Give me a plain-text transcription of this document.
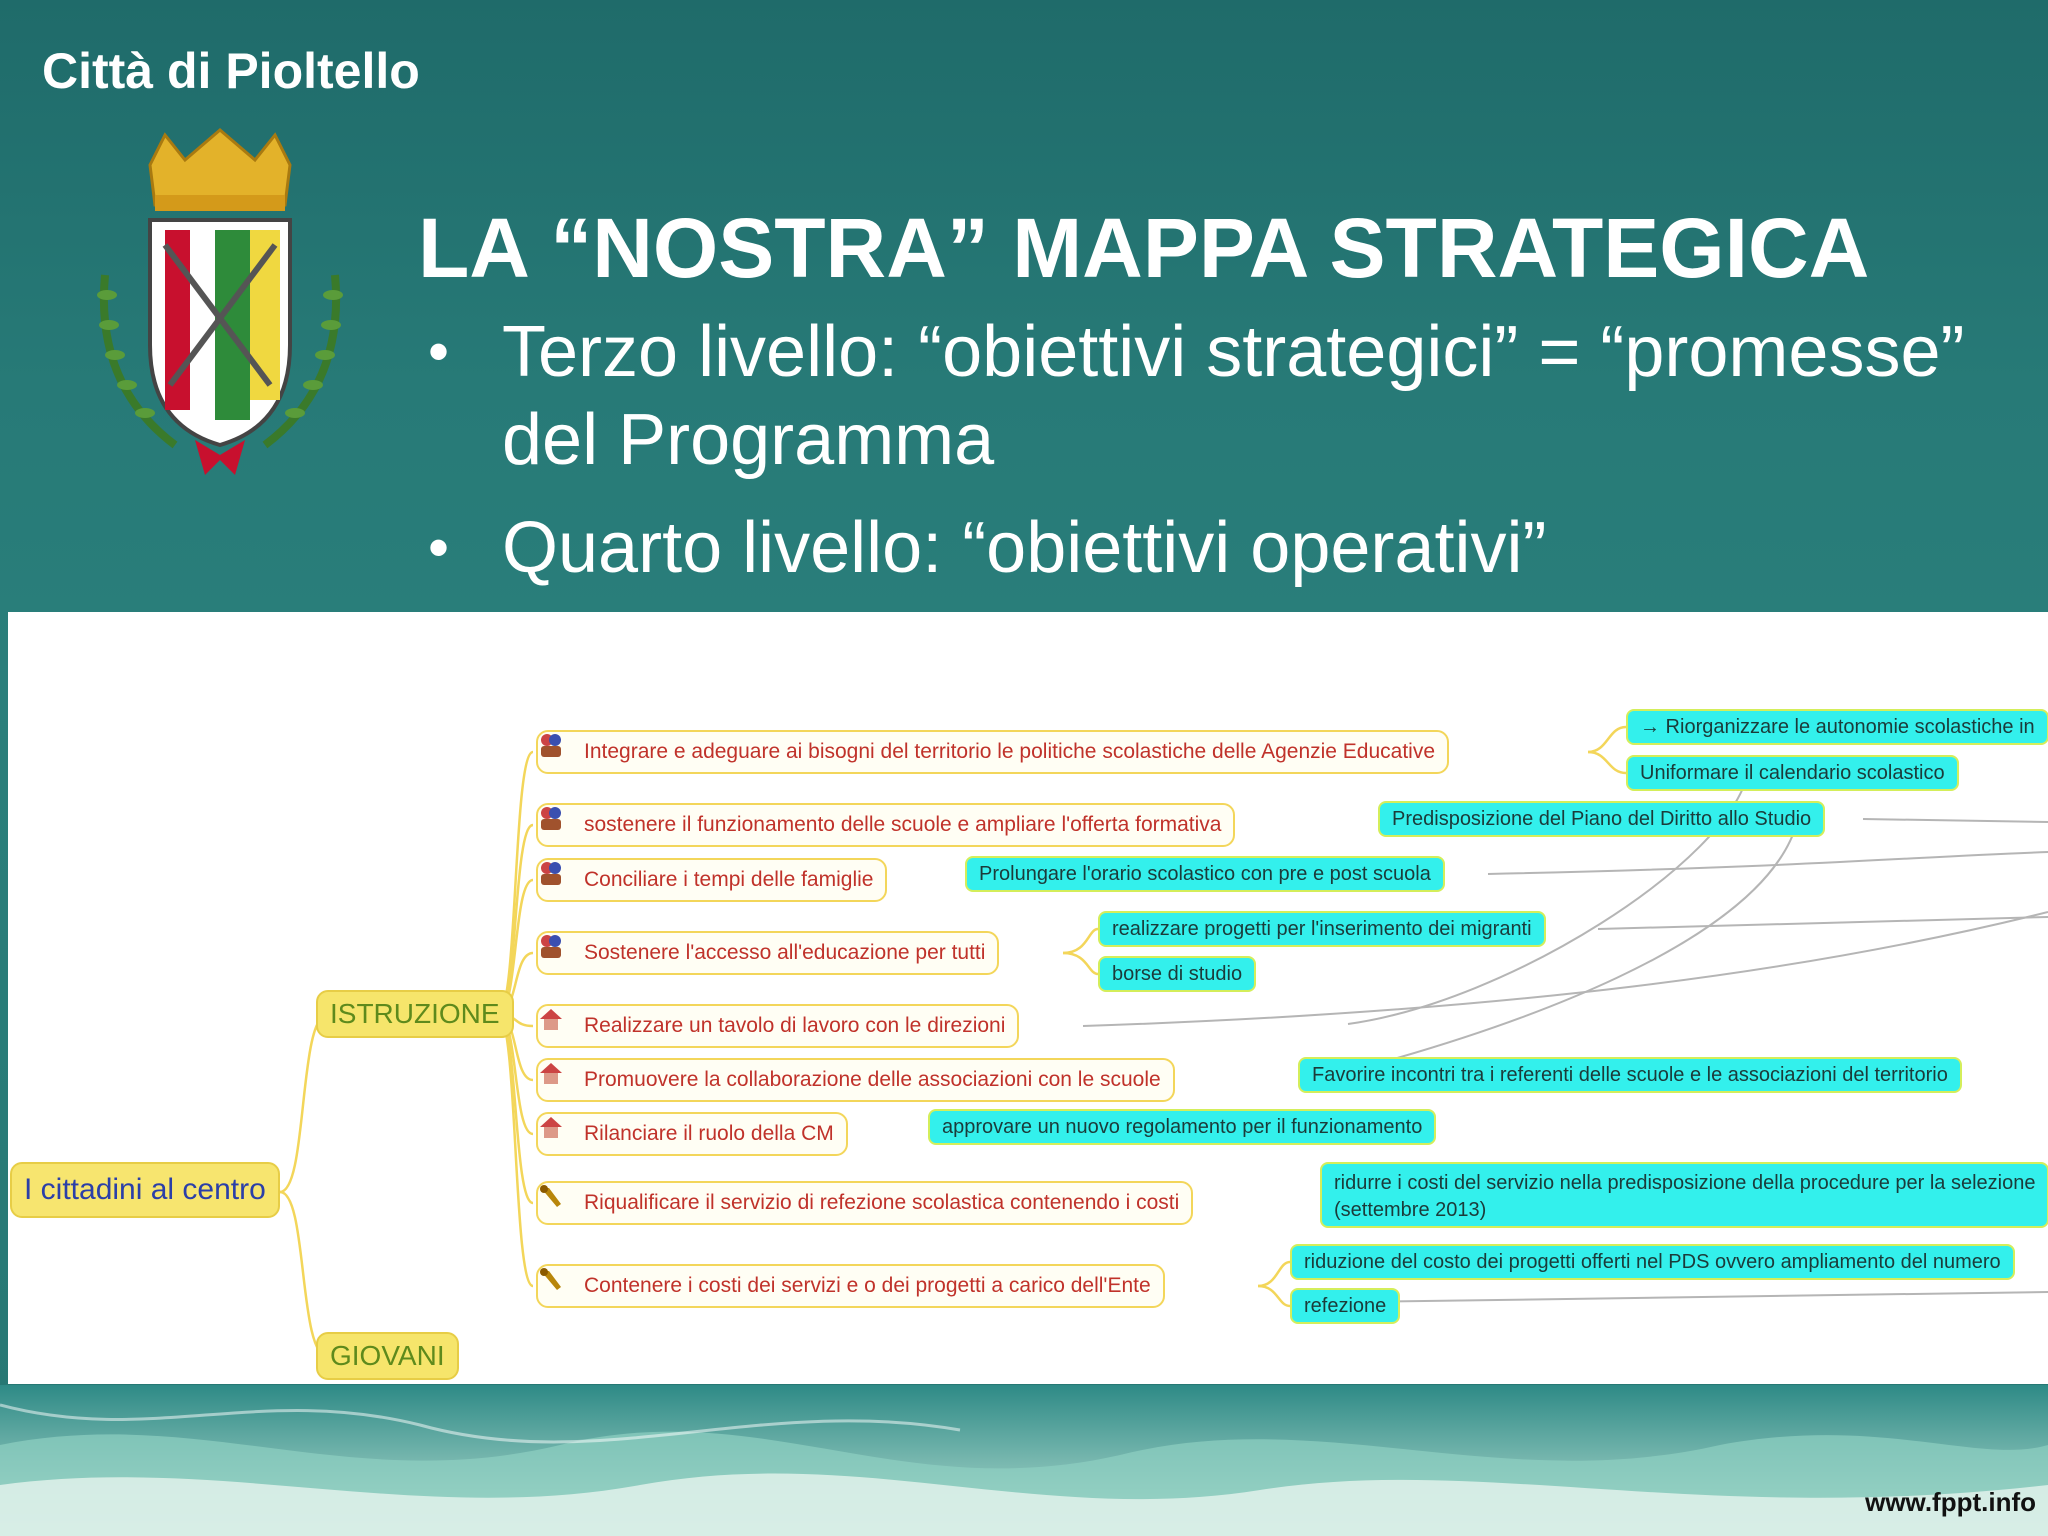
Città di Pioltello
LA “NOSTRA” MAPPA STRATEGICA
• Terzo livello: “obiettivi strategici” = “promesse” del Programma
• Quarto livello: “obiettivi operativi”
I cittadini al centro
ISTRUZIONE
GIOVANI
Integrare e adeguare ai bisogni del territorio le politiche scolastiche delle Agenzie Educative
sostenere il funzionamento delle scuole e ampliare l'offerta formativa
Conciliare i tempi delle famiglie
Sostenere l'accesso all'educazione per tutti
Realizzare un tavolo di lavoro con le direzioni
Promuovere la collaborazione delle associazioni con le scuole
Rilanciare il ruolo della CM
Riqualificare il servizio di refezione scolastica contenendo i costi
Contenere i costi dei servizi e o dei progetti a carico dell'Ente
→ Riorganizzare le autonomie scolastiche in
Uniformare il calendario scolastico
Predisposizione del Piano del Diritto allo Studio
Prolungare l'orario scolastico con pre e post scuola
realizzare progetti per l'inserimento dei migranti
borse di studio
Favorire incontri tra i referenti delle scuole e le associazioni del territorio
approvare un nuovo regolamento per il funzionamento
ridurre i costi del servizio nella predisposizione della procedure per la selezione
(settembre 2013)
riduzione del costo dei progetti offerti nel PDS ovvero ampliamento del numero
refezione
www.fppt.info
